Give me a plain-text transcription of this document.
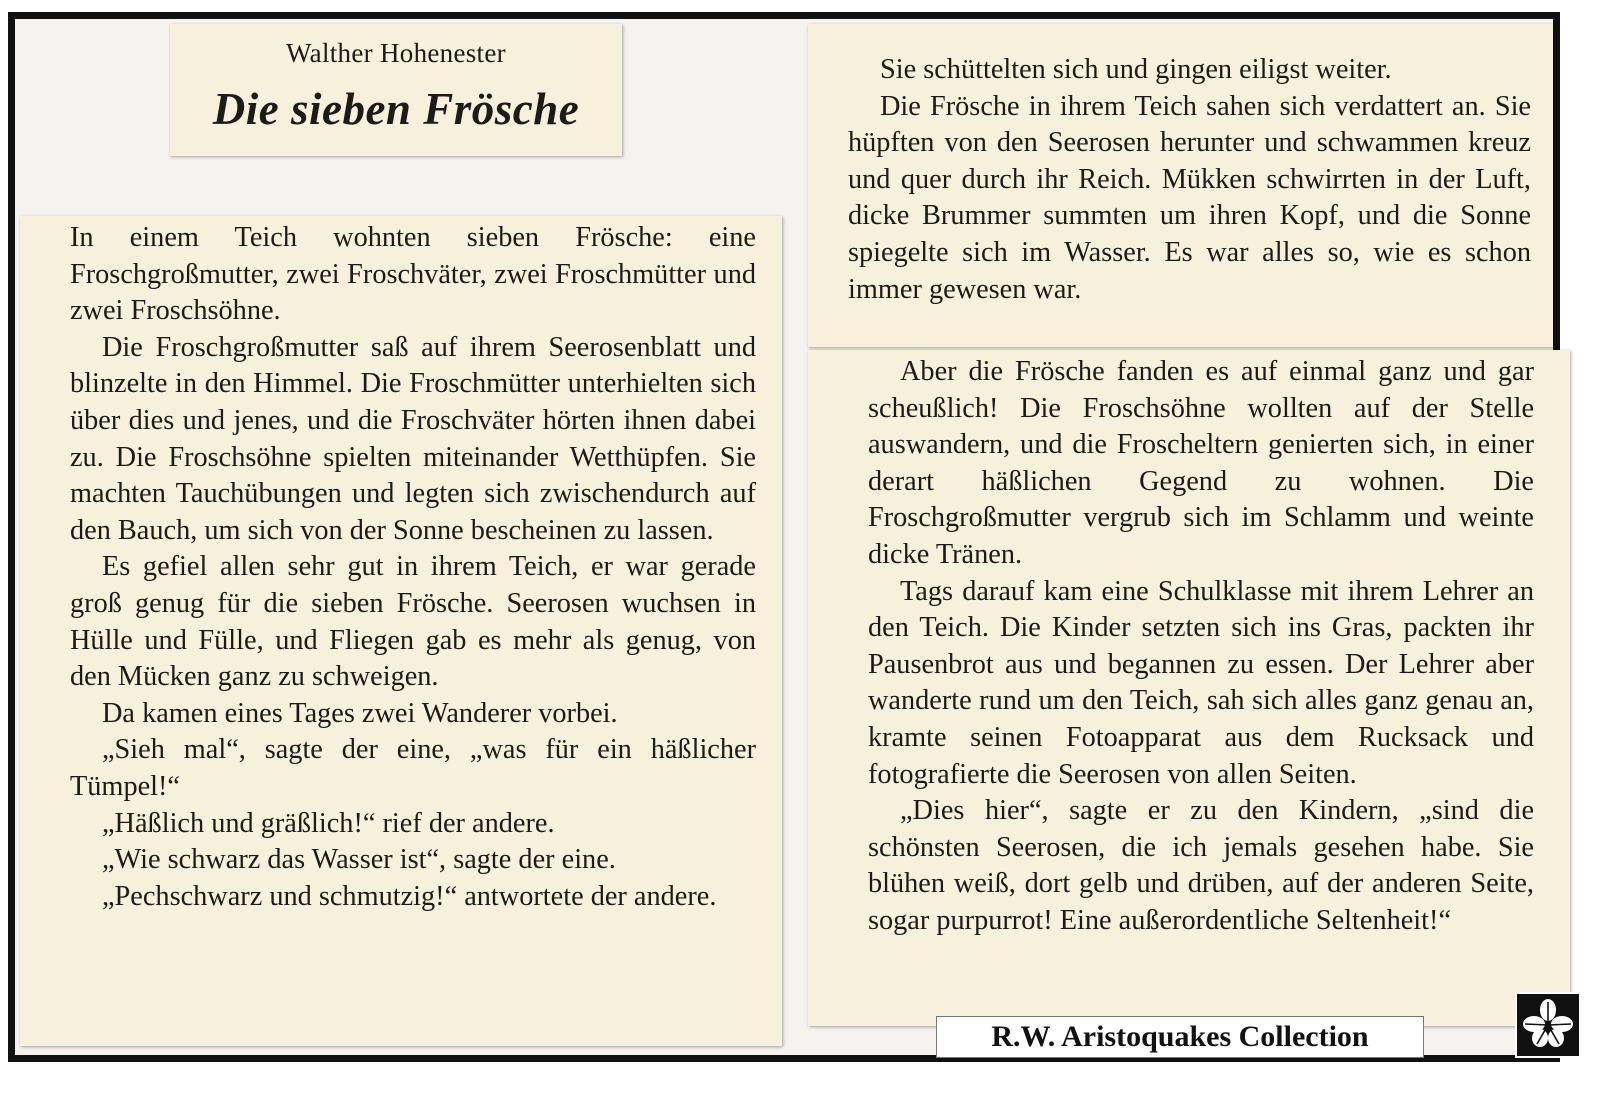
Walther Hohenester
Die sieben Frösche

In einem Teich wohnten sieben Frösche: eine Froschgroßmutter, zwei Froschväter, zwei Froschmütter und zwei Froschsöhne.

Die Froschgroßmutter saß auf ihrem Seerosenblatt und blinzelte in den Himmel. Die Froschmütter unterhielten sich über dies und jenes, und die Froschväter hörten ihnen dabei zu. Die Froschsöhne spielten miteinander Wetthüpfen. Sie machten Tauchübungen und legten sich zwischendurch auf den Bauch, um sich von der Sonne bescheinen zu lassen.

Es gefiel allen sehr gut in ihrem Teich, er war gerade groß genug für die sieben Frösche. Seerosen wuchsen in Hülle und Fülle, und Fliegen gab es mehr als genug, von den Mücken ganz zu schweigen.

Da kamen eines Tages zwei Wanderer vorbei.

„Sieh mal“, sagte der eine, „was für ein häßlicher Tümpel!“

„Häßlich und gräßlich!“ rief der andere.

„Wie schwarz das Wasser ist“, sagte der eine.

„Pechschwarz und schmutzig!“ antwortete der andere.

Sie schüttelten sich und gingen eiligst weiter.

Die Frösche in ihrem Teich sahen sich verdattert an. Sie hüpften von den Seerosen herunter und schwammen kreuz und quer durch ihr Reich. Mükken schwirrten in der Luft, dicke Brummer summten um ihren Kopf, und die Sonne spiegelte sich im Wasser. Es war alles so, wie es schon immer gewesen war.

Aber die Frösche fanden es auf einmal ganz und gar scheußlich! Die Froschsöhne wollten auf der Stelle auswandern, und die Froscheltern genierten sich, in einer derart häßlichen Gegend zu wohnen. Die Froschgroßmutter vergrub sich im Schlamm und weinte dicke Tränen.

Tags darauf kam eine Schulklasse mit ihrem Lehrer an den Teich. Die Kinder setzten sich ins Gras, packten ihr Pausenbrot aus und begannen zu essen. Der Lehrer aber wanderte rund um den Teich, sah sich alles ganz genau an, kramte seinen Fotoapparat aus dem Rucksack und fotografierte die Seerosen von allen Seiten.

„Dies hier“, sagte er zu den Kindern, „sind die schönsten Seerosen, die ich jemals gesehen habe. Sie blühen weiß, dort gelb und drüben, auf der anderen Seite, sogar purpurrot! Eine außerordentliche Seltenheit!“

R.W. Aristoquakes Collection
